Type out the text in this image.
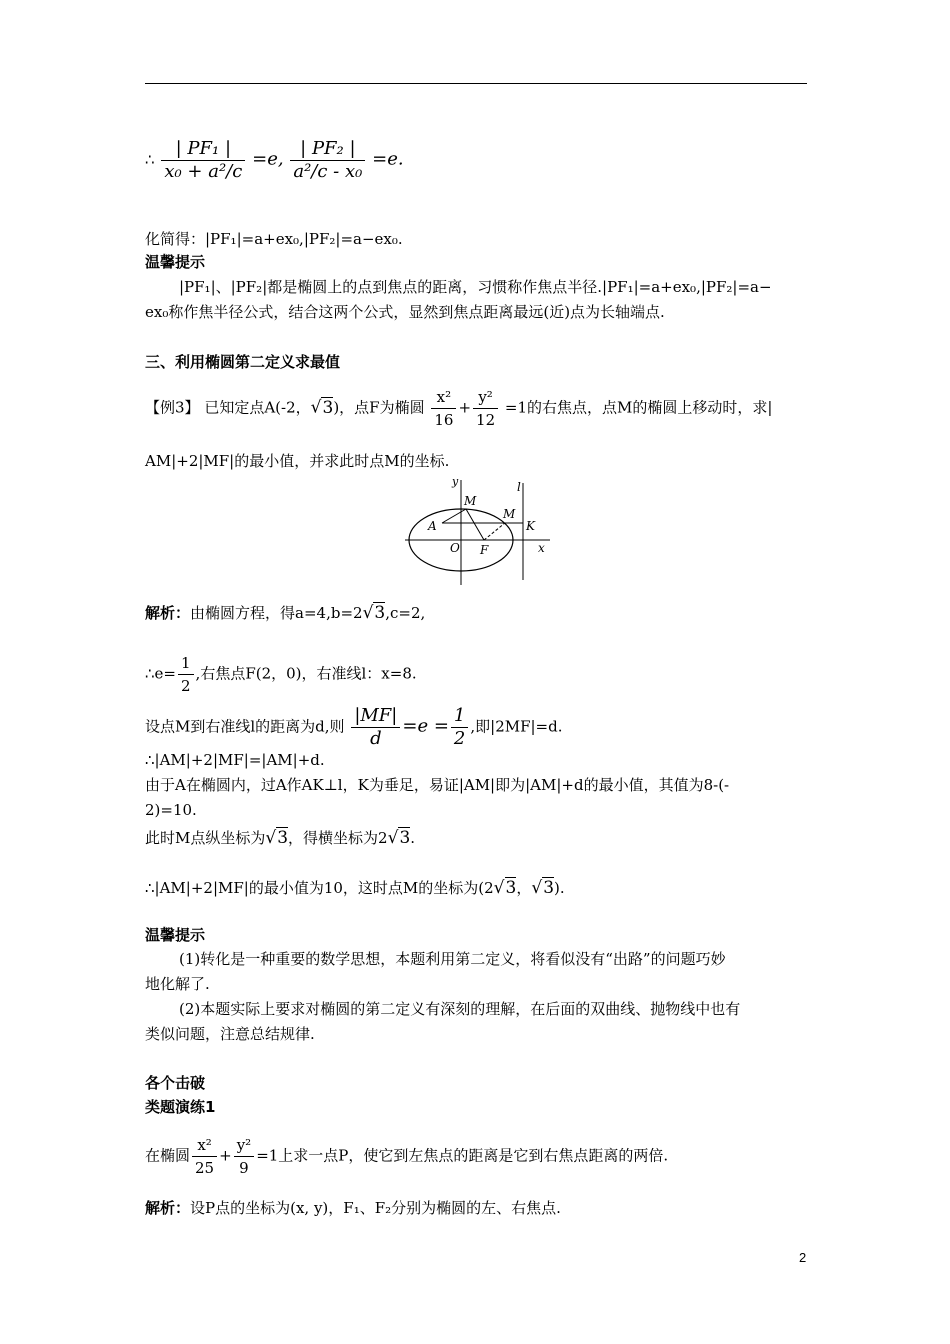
∴ $\frac{\text{| PF₁ |}}{\text{x₀ + a²/c}} =e$, $\frac{\text{| PF₂ |}}{\text{a²/c - x₀}} =e$.
化简得：|PF₁|=a+ex₀,|PF₂|=a−ex₀.
温馨提示
|PF₁|、|PF₂|都是椭圆上的点到焦点的距离，习惯称作焦点半径.|PF₁|=a+ex₀,|PF₂|=a−
ex₀称作焦半径公式，结合这两个公式，显然到焦点距离最远(近)点为长轴端点.
三、利用椭圆第二定义求最值
【例3】 已知定点A(-2，√3)，点F为椭圆 $\frac{\text{x²}}{16} + \frac{\text{y²}}{12} =1$的右焦点，点M的椭圆上移动时，求|
AM|+2|MF|的最小值，并求此时点M的坐标.
y	l
M
M
A	K
O F	x
解析：由椭圆方程，得a=4,b=2√3,c=2,
∴e= $\frac{1}{2}$ ,右焦点F(2，0)，右准线l：x=8.
设点M到右准线l的距离为d,则 $\frac{|MF|}{d} =e = \frac{1}{2}$ ,即|2MF|=d.
∴|AM|+2|MF|=|AM|+d.
由于A在椭圆内，过A作AK⊥l，K为垂足，易证|AM|即为|AM|+d的最小值，其值为8-(-
2)=10.
此时M点纵坐标为√3，得横坐标为2√3.
∴|AM|+2|MF|的最小值为10，这时点M的坐标为(2√3，√3).
温馨提示
(1)转化是一种重要的数学思想，本题利用第二定义，将看似没有“出路”的问题巧妙
地化解了.
(2)本题实际上要求对椭圆的第二定义有深刻的理解，在后面的双曲线、抛物线中也有
类似问题，注意总结规律.
各个击破
类题演练1
在椭圆 $\frac{\text{x²}}{25} + \frac{\text{y²}}{9} =1$上求一点P，使它到左焦点的距离是它到右焦点距离的两倍.
解析：设P点的坐标为(x, y)，F₁、F₂分别为椭圆的左、右焦点.
2
